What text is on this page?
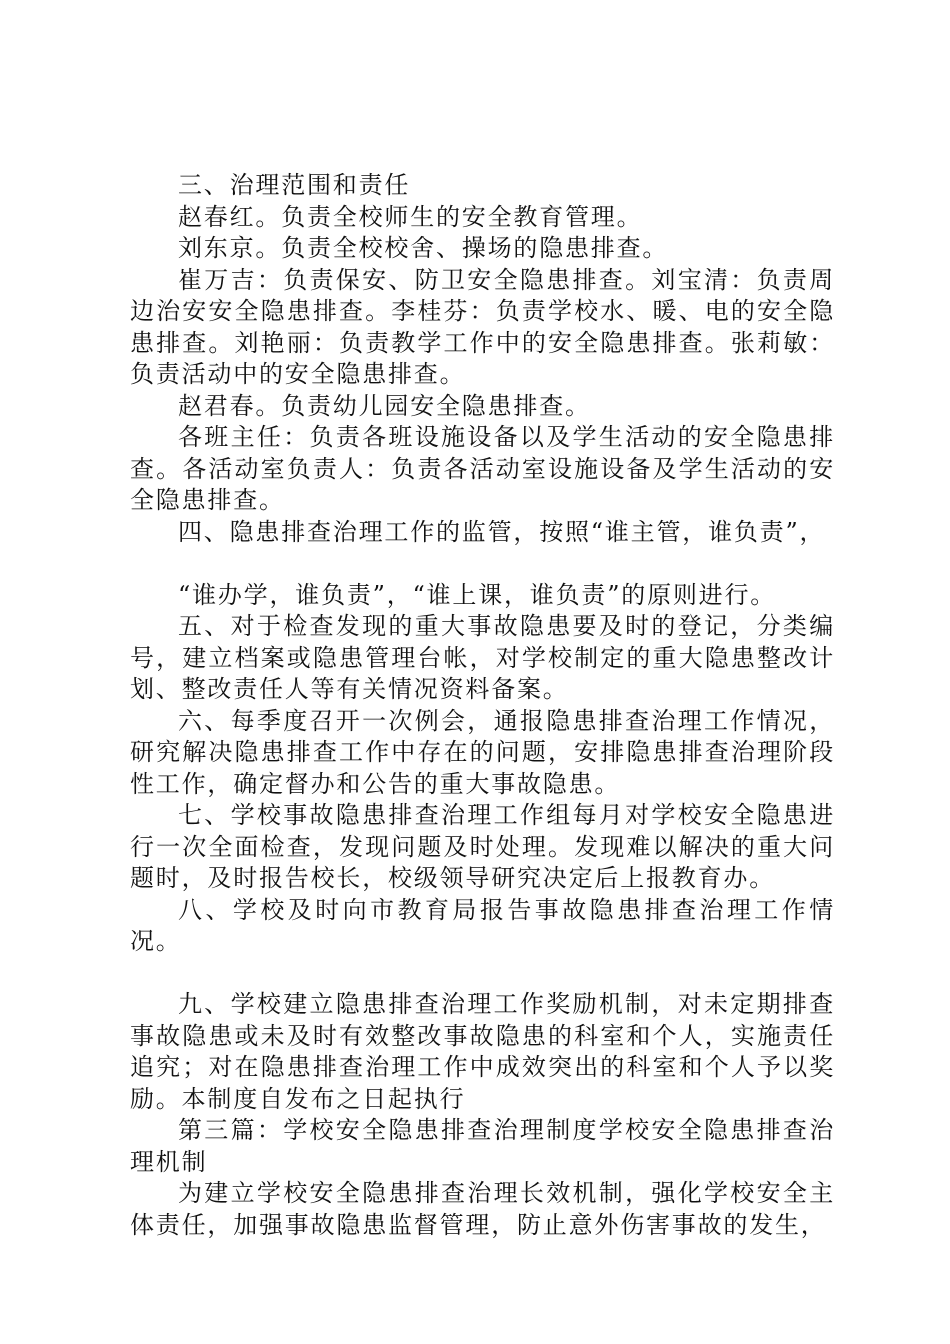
三、治理范围和责任

赵春红。负责全校师生的安全教育管理。

刘东京。负责全校校舍、操场的隐患排查。

崔万吉：负责保安、防卫安全隐患排查。刘宝清：负责周边治安安全隐患排查。李桂芬：负责学校水、暖、电的安全隐患排查。刘艳丽：负责教学工作中的安全隐患排查。张莉敏：负责活动中的安全隐患排查。

赵君春。负责幼儿园安全隐患排查。

各班主任：负责各班设施设备以及学生活动的安全隐患排查。各活动室负责人：负责各活动室设施设备及学生活动的安全隐患排查。

四、隐患排查治理工作的监管，按照“谁主管，谁负责”，

“谁办学，谁负责”，“谁上课，谁负责”的原则进行。

五、对于检查发现的重大事故隐患要及时的登记，分类编号，建立档案或隐患管理台帐，对学校制定的重大隐患整改计划、整改责任人等有关情况资料备案。

六、每季度召开一次例会，通报隐患排查治理工作情况，研究解决隐患排查工作中存在的问题，安排隐患排查治理阶段性工作，确定督办和公告的重大事故隐患。

七、学校事故隐患排查治理工作组每月对学校安全隐患进行一次全面检查，发现问题及时处理。发现难以解决的重大问题时，及时报告校长，校级领导研究决定后上报教育办。

八、学校及时向市教育局报告事故隐患排查治理工作情况。

九、学校建立隐患排查治理工作奖励机制，对未定期排查事故隐患或未及时有效整改事故隐患的科室和个人，实施责任追究；对在隐患排查治理工作中成效突出的科室和个人予以奖励。本制度自发布之日起执行

第三篇：学校安全隐患排查治理制度学校安全隐患排查治理机制

为建立学校安全隐患排查治理长效机制，强化学校安全主体责任，加强事故隐患监督管理，防止意外伤害事故的发生，
